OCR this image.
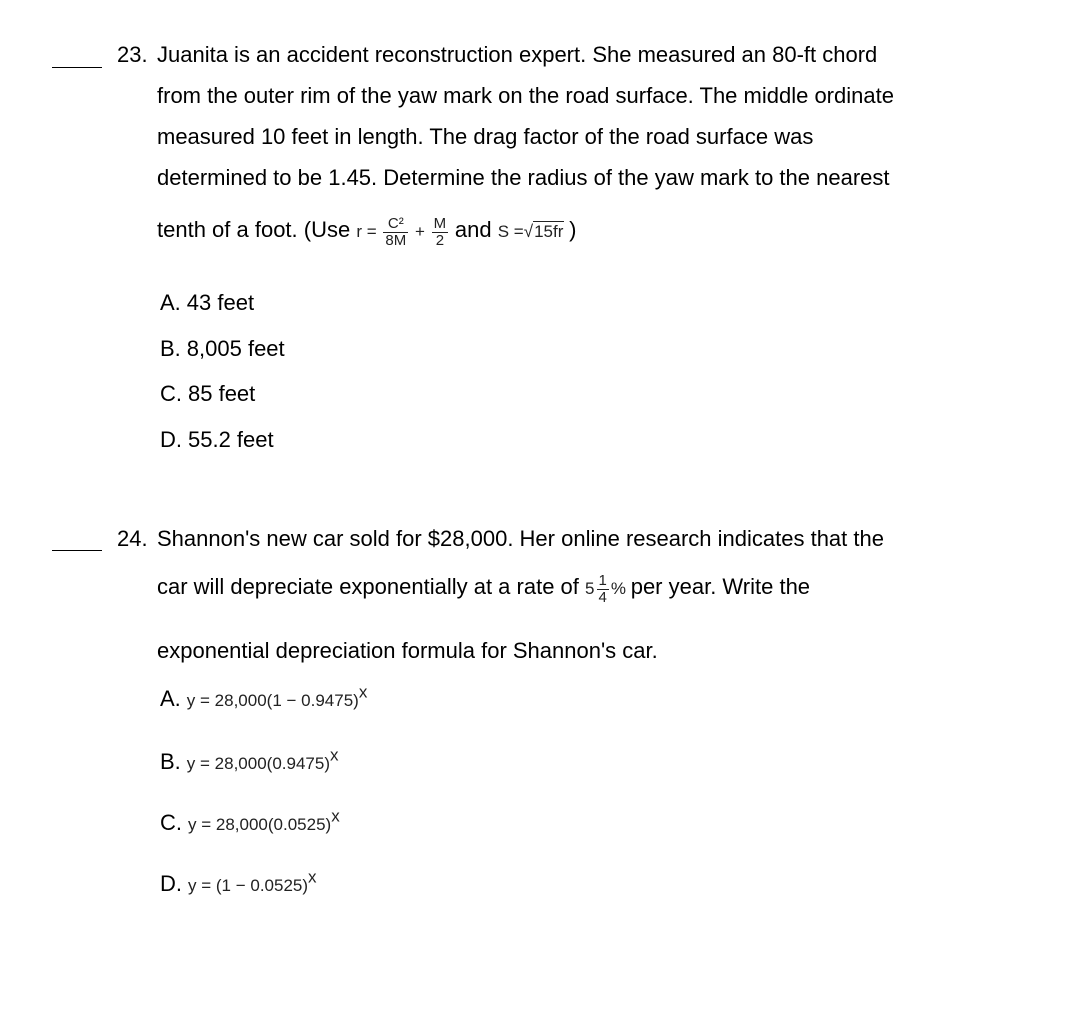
23. Juanita is an accident reconstruction expert. She measured an 80-ft chord
from the outer rim of the yaw mark on the road surface. The middle ordinate
measured 10 feet in length. The drag factor of the road surface was
determined to be 1.45. Determine the radius of the yaw mark to the nearest
tenth of a foot. (Use $r = \frac{\text{C²}}{8M} + \frac{M}{2}$ and S =√15fr )
A. 43 feet
B. 8,005 feet
C. 85 feet
D. 55.2 feet
24. Shannon's new car sold for $28,000. Her online research indicates that the
car will depreciate exponentially at a rate of $5 \frac{1}{4}$ % per year. Write the
exponential depreciation formula for Shannon's car.
A. $y = 28,000(1 - 0.9475)^x$
B. $y = 28,000(0.9475)^x$
C. $y = 28,000(0.0525)^x$
D. $y = (1 - 0.0525)^x$
